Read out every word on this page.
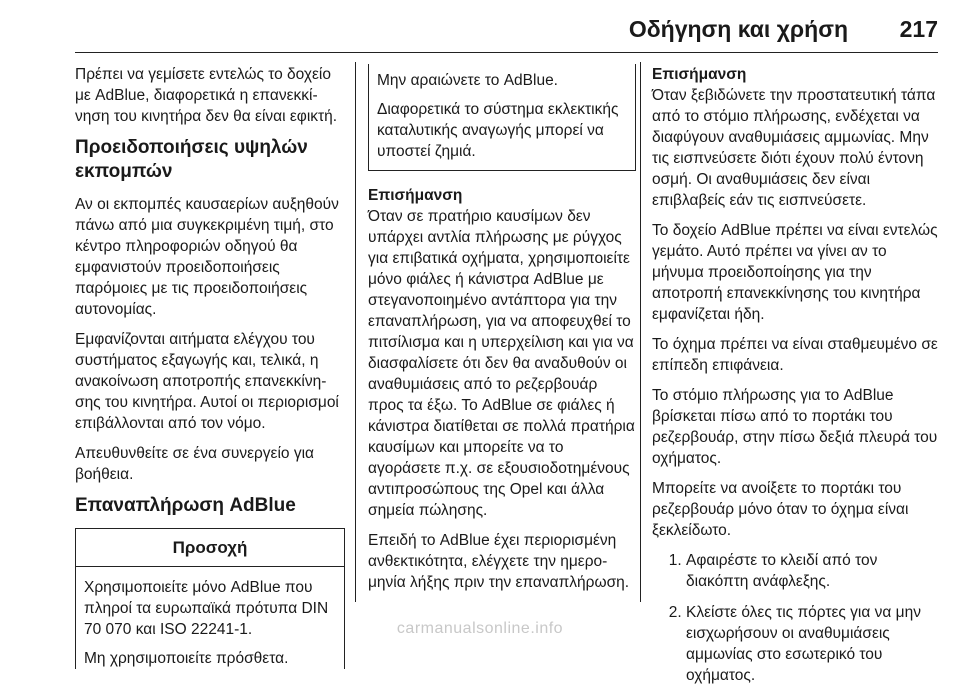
Οδήγηση και χρήση 217

Πρέπει να γεμίσετε εντελώς το δοχείο με AdBlue, διαφορετικά η επανεκκίνηση του κινητήρα δεν θα είναι εφικτή.

Προειδοποιήσεις υψηλών εκπομπών

Αν οι εκπομπές καυσαερίων αυξηθούν πάνω από μια συγκεκριμένη τιμή, στο κέντρο πληροφοριών οδηγού θα εμφανιστούν προειδοποιήσεις παρόμοιες με τις προειδοποιήσεις αυτονομίας.

Εμφανίζονται αιτήματα ελέγχου του συστήματος εξαγωγής και, τελικά, η ανακοίνωση αποτροπής επανεκκίνησης του κινητήρα. Αυτοί οι περιορισμοί επιβάλλονται από τον νόμο.

Απευθυνθείτε σε ένα συνεργείο για βοήθεια.

Επαναπλήρωση AdBlue
Προσοχή

Χρησιμοποιείτε μόνο AdBlue που πληροί τα ευρωπαϊκά πρότυπα DIN 70 070 και ISO 22241-1.

Μη χρησιμοποιείτε πρόσθετα.

Μην αραιώνετε το AdBlue.

Διαφορετικά το σύστημα εκλεκτικής καταλυτικής αναγωγής μπορεί να υποστεί ζημιά.

Επισήμανση

Όταν σε πρατήριο καυσίμων δεν υπάρχει αντλία πλήρωσης με ρύγχος για επιβατικά οχήματα, χρησιμοποιείτε μόνο φιάλες ή κάνιστρα AdBlue με στεγανοποιημένο αντάπτορα για την επαναπλήρωση, για να αποφευχθεί το πιτσίλισμα και η υπερχείλιση και για να διασφαλίσετε ότι δεν θα αναδυθούν οι αναθυμιάσεις από το ρεζερβουάρ προς τα έξω. Το AdBlue σε φιάλες ή κάνιστρα διατίθεται σε πολλά πρατήρια καυσίμων και μπορείτε να το αγοράσετε π.χ. σε εξουσιοδοτημένους αντιπροσώπους της Opel και άλλα σημεία πώλησης.

Επειδή το AdBlue έχει περιορισμένη ανθεκτικότητα, ελέγχετε την ημερομηνία λήξης πριν την επαναπλήρωση.

Επισήμανση

Όταν ξεβιδώνετε την προστατευτική τάπα από το στόμιο πλήρωσης, ενδέχεται να διαφύγουν αναθυμιάσεις αμμωνίας. Μην τις εισπνεύσετε διότι έχουν πολύ έντονη οσμή. Οι αναθυμιάσεις δεν είναι επιβλαβείς εάν τις εισπνεύσετε.

Το δοχείο AdBlue πρέπει να είναι εντελώς γεμάτο. Αυτό πρέπει να γίνει αν το μήνυμα προειδοποίησης για την αποτροπή επανεκκίνησης του κινητήρα εμφανίζεται ήδη.

Το όχημα πρέπει να είναι σταθμευμένο σε επίπεδη επιφάνεια.

Το στόμιο πλήρωσης για το AdBlue βρίσκεται πίσω από το πορτάκι του ρεζερβουάρ, στην πίσω δεξιά πλευρά του οχήματος.

Μπορείτε να ανοίξετε το πορτάκι του ρεζερβουάρ μόνο όταν το όχημα είναι ξεκλείδωτο.

1. Αφαιρέστε το κλειδί από τον διακόπτη ανάφλεξης.
2. Κλείστε όλες τις πόρτες για να μην εισχωρήσουν οι αναθυμιάσεις αμμωνίας στο εσωτερικό του οχήματος.
carmanualsonline.info
